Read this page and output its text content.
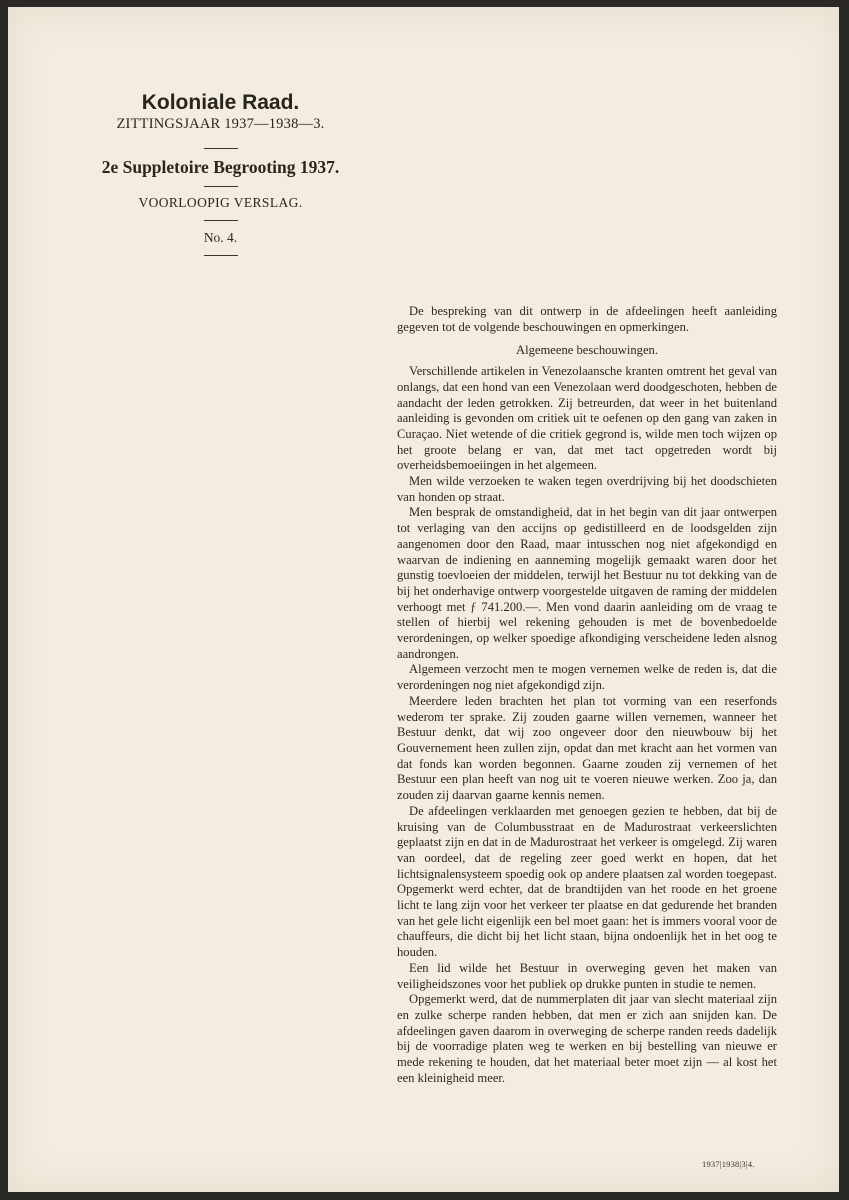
Koloniale Raad.
ZITTINGSJAAR 1937—1938—3.
2e Suppletoire Begrooting 1937.
VOORLOOPIG VERSLAG.
No. 4.

De bespreking van dit ontwerp in de afdeelingen heeft aanleiding gegeven tot de volgende beschouwingen en opmerkingen.

Algemeene beschouwingen.

Verschillende artikelen in Venezolaansche kranten omtrent het geval van onlangs, dat een hond van een Venezolaan werd doodgeschoten, hebben de aandacht der leden getrokken. Zij betreurden, dat weer in het buitenland aanleiding is gevonden om critiek uit te oefenen op den gang van zaken in Curaçao. Niet wetende of die critiek gegrond is, wilde men toch wijzen op het groote belang er van, dat met tact opgetreden wordt bij overheidsbemoeiingen in het algemeen.

Men wilde verzoeken te waken tegen overdrijving bij het doodschieten van honden op straat.

Men besprak de omstandigheid, dat in het begin van dit jaar ontwerpen tot verlaging van den accijns op gedistilleerd en de loodsgelden zijn aangenomen door den Raad, maar intusschen nog niet afgekondigd en waarvan de indiening en aanneming mogelijk gemaakt waren door het gunstig toevloeien der middelen, terwijl het Bestuur nu tot dekking van de bij het onderhavige ontwerp voorgestelde uitgaven de raming der middelen verhoogt met ƒ 741.200.—. Men vond daarin aanleiding om de vraag te stellen of hierbij wel rekening gehouden is met de bovenbedoelde verordeningen, op welker spoedige afkondiging verscheidene leden alsnog aandrongen.

Algemeen verzocht men te mogen vernemen welke de reden is, dat die verordeningen nog niet afgekondigd zijn.

Meerdere leden brachten het plan tot vorming van een reserfonds wederom ter sprake. Zij zouden gaarne willen vernemen, wanneer het Bestuur denkt, dat wij zoo ongeveer door den nieuwbouw bij het Gouvernement heen zullen zijn, opdat dan met kracht aan het vormen van dat fonds kan worden begonnen. Gaarne zouden zij vernemen of het Bestuur een plan heeft van nog uit te voeren nieuwe werken. Zoo ja, dan zouden zij daarvan gaarne kennis nemen.

De afdeelingen verklaarden met genoegen gezien te hebben, dat bij de kruising van de Columbusstraat en de Madurostraat verkeerslichten geplaatst zijn en dat in de Madurostraat het verkeer is omgelegd. Zij waren van oordeel, dat de regeling zeer goed werkt en hopen, dat het lichtsignalensysteem spoedig ook op andere plaatsen zal worden toegepast. Opgemerkt werd echter, dat de brandtijden van het roode en het groene licht te lang zijn voor het verkeer ter plaatse en dat gedurende het branden van het gele licht eigenlijk een bel moet gaan: het is immers vooral voor de chauffeurs, die dicht bij het licht staan, bijna ondoenlijk het in het oog te houden.

Een lid wilde het Bestuur in overweging geven het maken van veiligheidszones voor het publiek op drukke punten in studie te nemen.

Opgemerkt werd, dat de nummerplaten dit jaar van slecht materiaal zijn en zulke scherpe randen hebben, dat men er zich aan snijden kan. De afdeelingen gaven daarom in overweging de scherpe randen reeds dadelijk bij de voorradige platen weg te werken en bij bestelling van nieuwe er mede rekening te houden, dat het materiaal beter moet zijn — al kost het een kleinigheid meer.

1937|1938|3|4.
